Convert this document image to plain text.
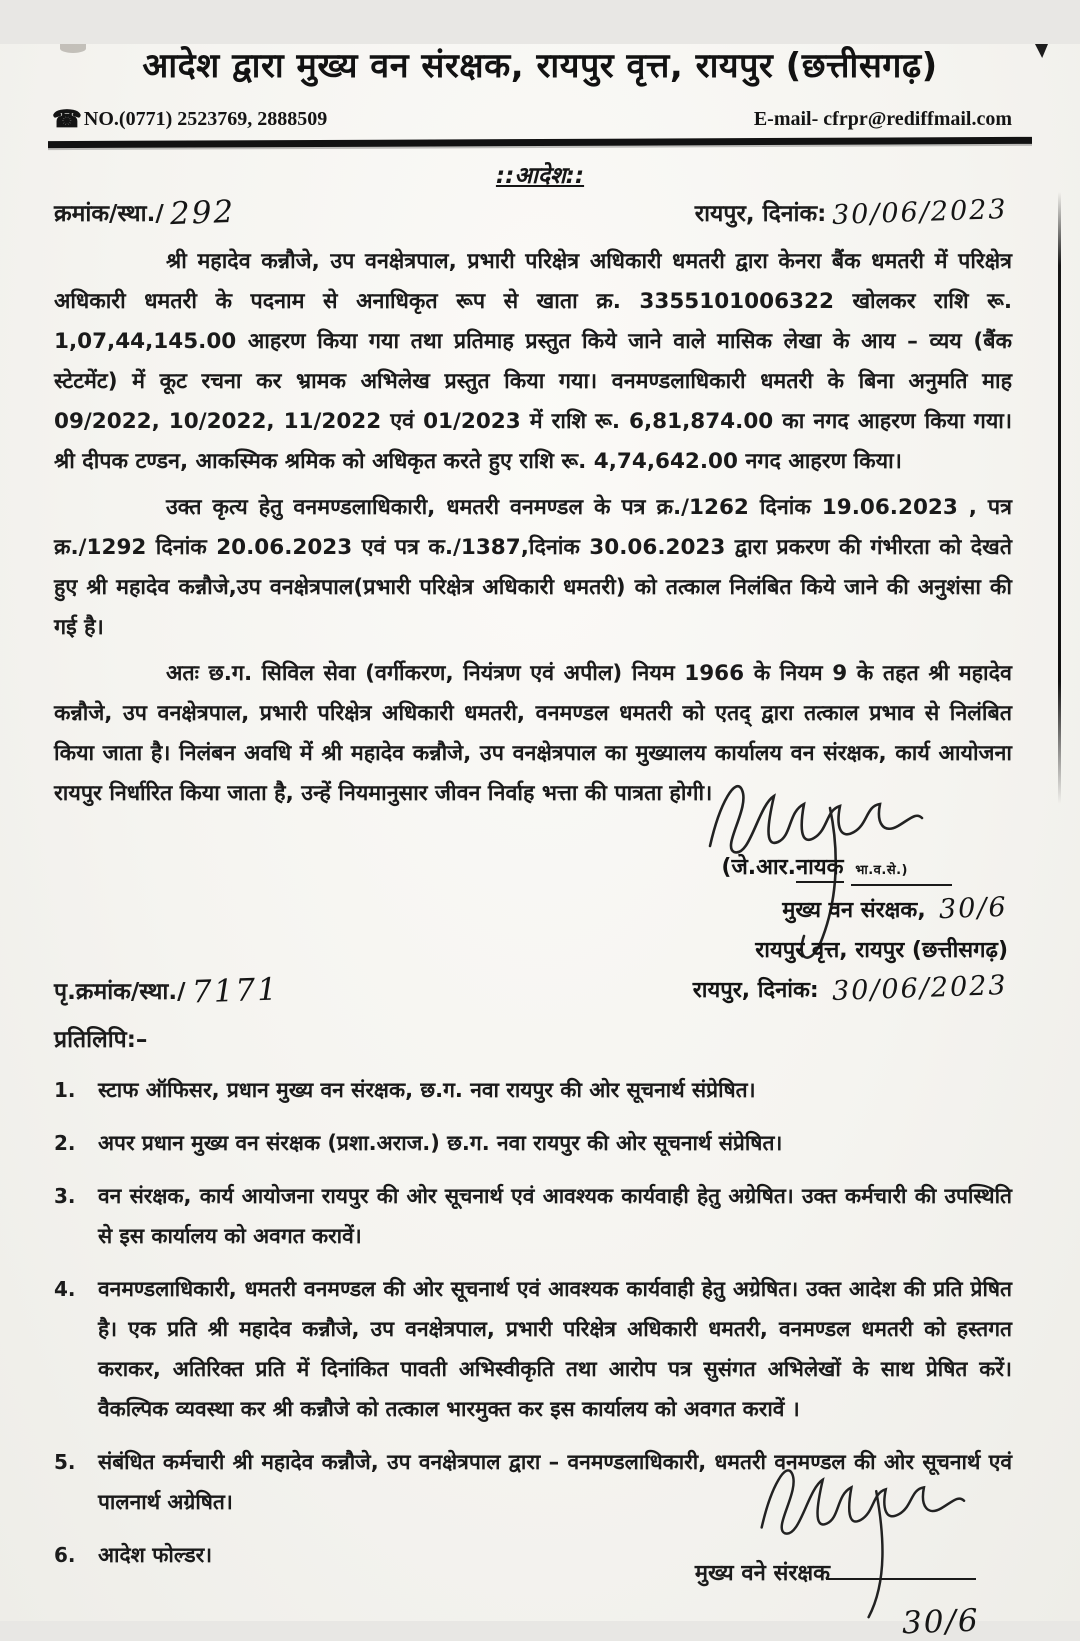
आदेश द्वारा मुख्य वन संरक्षक, रायपुर वृत्त, रायपुर (छत्तीसगढ़)
☎ NO.(0771) 2523769, 2888509	E-mail- cfrpr@rediffmail.com
::आदेश::
क्रमांक/स्था./ 292	रायपुर, दिनांक: 30/06/2023

श्री महादेव कन्नौजे, उप वनक्षेत्रपाल, प्रभारी परिक्षेत्र अधिकारी धमतरी द्वारा केनरा बैंक धमतरी में परिक्षेत्र अधिकारी धमतरी के पदनाम से अनाधिकृत रूप से खाता क्र. 3355101006322 खोलकर राशि रू. 1,07,44,145.00 आहरण किया गया तथा प्रतिमाह प्रस्तुत किये जाने वाले मासिक लेखा के आय – व्यय (बैंक स्टेटमेंट) में कूट रचना कर भ्रामक अभिलेख प्रस्तुत किया गया। वनमण्डलाधिकारी धमतरी के बिना अनुमति माह 09/2022, 10/2022, 11/2022 एवं 01/2023 में राशि रू. 6,81,874.00 का नगद आहरण किया गया। श्री दीपक टण्डन, आकस्मिक श्रमिक को अधिकृत करते हुए राशि रू. 4,74,642.00 नगद आहरण किया।

उक्त कृत्य हेतु वनमण्डलाधिकारी, धमतरी वनमण्डल के पत्र क्र./1262 दिनांक 19.06.2023 , पत्र क्र./1292 दिनांक 20.06.2023 एवं पत्र क./1387,दिनांक 30.06.2023 द्वारा प्रकरण की गंभीरता को देखते हुए श्री महादेव कन्नौजे,उप वनक्षेत्रपाल(प्रभारी परिक्षेत्र अधिकारी धमतरी) को तत्काल निलंबित किये जाने की अनुशंसा की गई है।

अतः छ.ग. सिविल सेवा (वर्गीकरण, नियंत्रण एवं अपील) नियम 1966 के नियम 9 के तहत श्री महादेव कन्नौजे, उप वनक्षेत्रपाल, प्रभारी परिक्षेत्र अधिकारी धमतरी, वनमण्डल धमतरी को एतद् द्वारा तत्काल प्रभाव से निलंबित किया जाता है। निलंबन अवधि में श्री महादेव कन्नौजे, उप वनक्षेत्रपाल का मुख्यालय कार्यालय वन संरक्षक, कार्य आयोजना रायपुर निर्धारित किया जाता है, उन्हें नियमानुसार जीवन निर्वाह भत्ता की पात्रता होगी।

(जे.आर.नायक भा.व.से.)
मुख्य वन संरक्षक, 30/6
रायपुर वृत्त, रायपुर (छत्तीसगढ़)
रायपुर, दिनांक: 30/06/2023
पृ.क्रमांक/स्था./ 7171
प्रतिलिपि:–
1.	स्टाफ ऑफिसर, प्रधान मुख्य वन संरक्षक, छ.ग. नवा रायपुर की ओर सूचनार्थ संप्रेषित।
2.	अपर प्रधान मुख्य वन संरक्षक (प्रशा.अराज.) छ.ग. नवा रायपुर की ओर सूचनार्थ संप्रेषित।
3.	वन संरक्षक, कार्य आयोजना रायपुर की ओर सूचनार्थ एवं आवश्यक कार्यवाही हेतु अग्रेषित। उक्त कर्मचारी की उपस्थिति से इस कार्यालय को अवगत करावें।
4.	वनमण्डलाधिकारी, धमतरी वनमण्डल की ओर सूचनार्थ एवं आवश्यक कार्यवाही हेतु अग्रेषित। उक्त आदेश की प्रति प्रेषित है। एक प्रति श्री महादेव कन्नौजे, उप वनक्षेत्रपाल, प्रभारी परिक्षेत्र अधिकारी धमतरी, वनमण्डल धमतरी को हस्तगत कराकर, अतिरिक्त प्रति में दिनांकित पावती अभिस्वीकृति तथा आरोप पत्र सुसंगत अभिलेखों के साथ प्रेषित करें। वैकल्पिक व्यवस्था कर श्री कन्नौजे को तत्काल भारमुक्त कर इस कार्यालय को अवगत करावें ।
5.	संबंधित कर्मचारी श्री महादेव कन्नौजे, उप वनक्षेत्रपाल द्वारा – वनमण्डलाधिकारी, धमतरी वनमण्डल की ओर सूचनार्थ एवं पालनार्थ अग्रेषित।
6.	आदेश फोल्डर।
मुख्य वने संरक्षक
30/6
